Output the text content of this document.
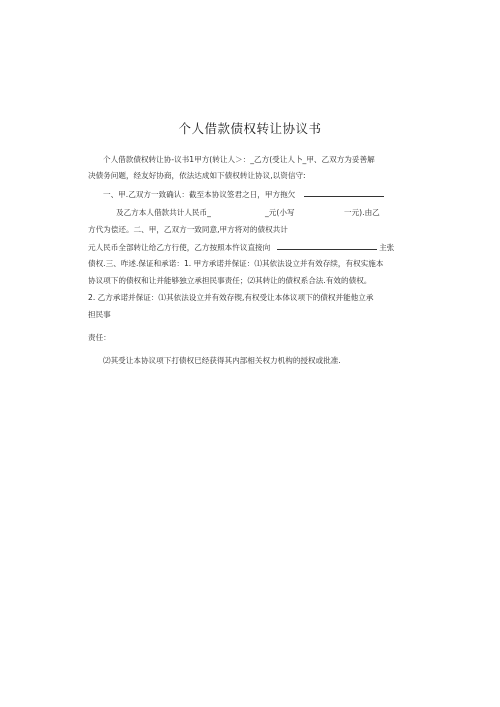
个人借款债权转让协议书
个人借款债权转让协-议书1甲方(转让人＞：_乙方(受让人卜_甲、乙双方为妥善解
决债务问题，经友好协商，依法达成如下债权转让协议,以资信守:
一、甲.乙双方一致确认：截至本协议签君之日，甲方拖欠
及乙方本人借款共计人民币_	_元(小写	一元).由乙
方代为偿还。二、甲，乙双方一致同意,甲方将对的债权共计
元人民币全部转让给乙方行使，乙方按照本忤议直接向	主张
债权.三、咋述.保证和承诺：1. 甲方承诺并保证：⑴其依法设立并有效存续，有权实施本
协议项下的债权和让并能够独立承担民事责任；⑵其转让的债权系合法.有效的债权。
2. 乙方承诺并保证：⑴其依法设立并有效存锲,有权受让本体议项下的债权并能他立承
担民事
责任：
⑵其受让本协议项下打债权巳经获得其内部相关权力机构的授权或批准.
